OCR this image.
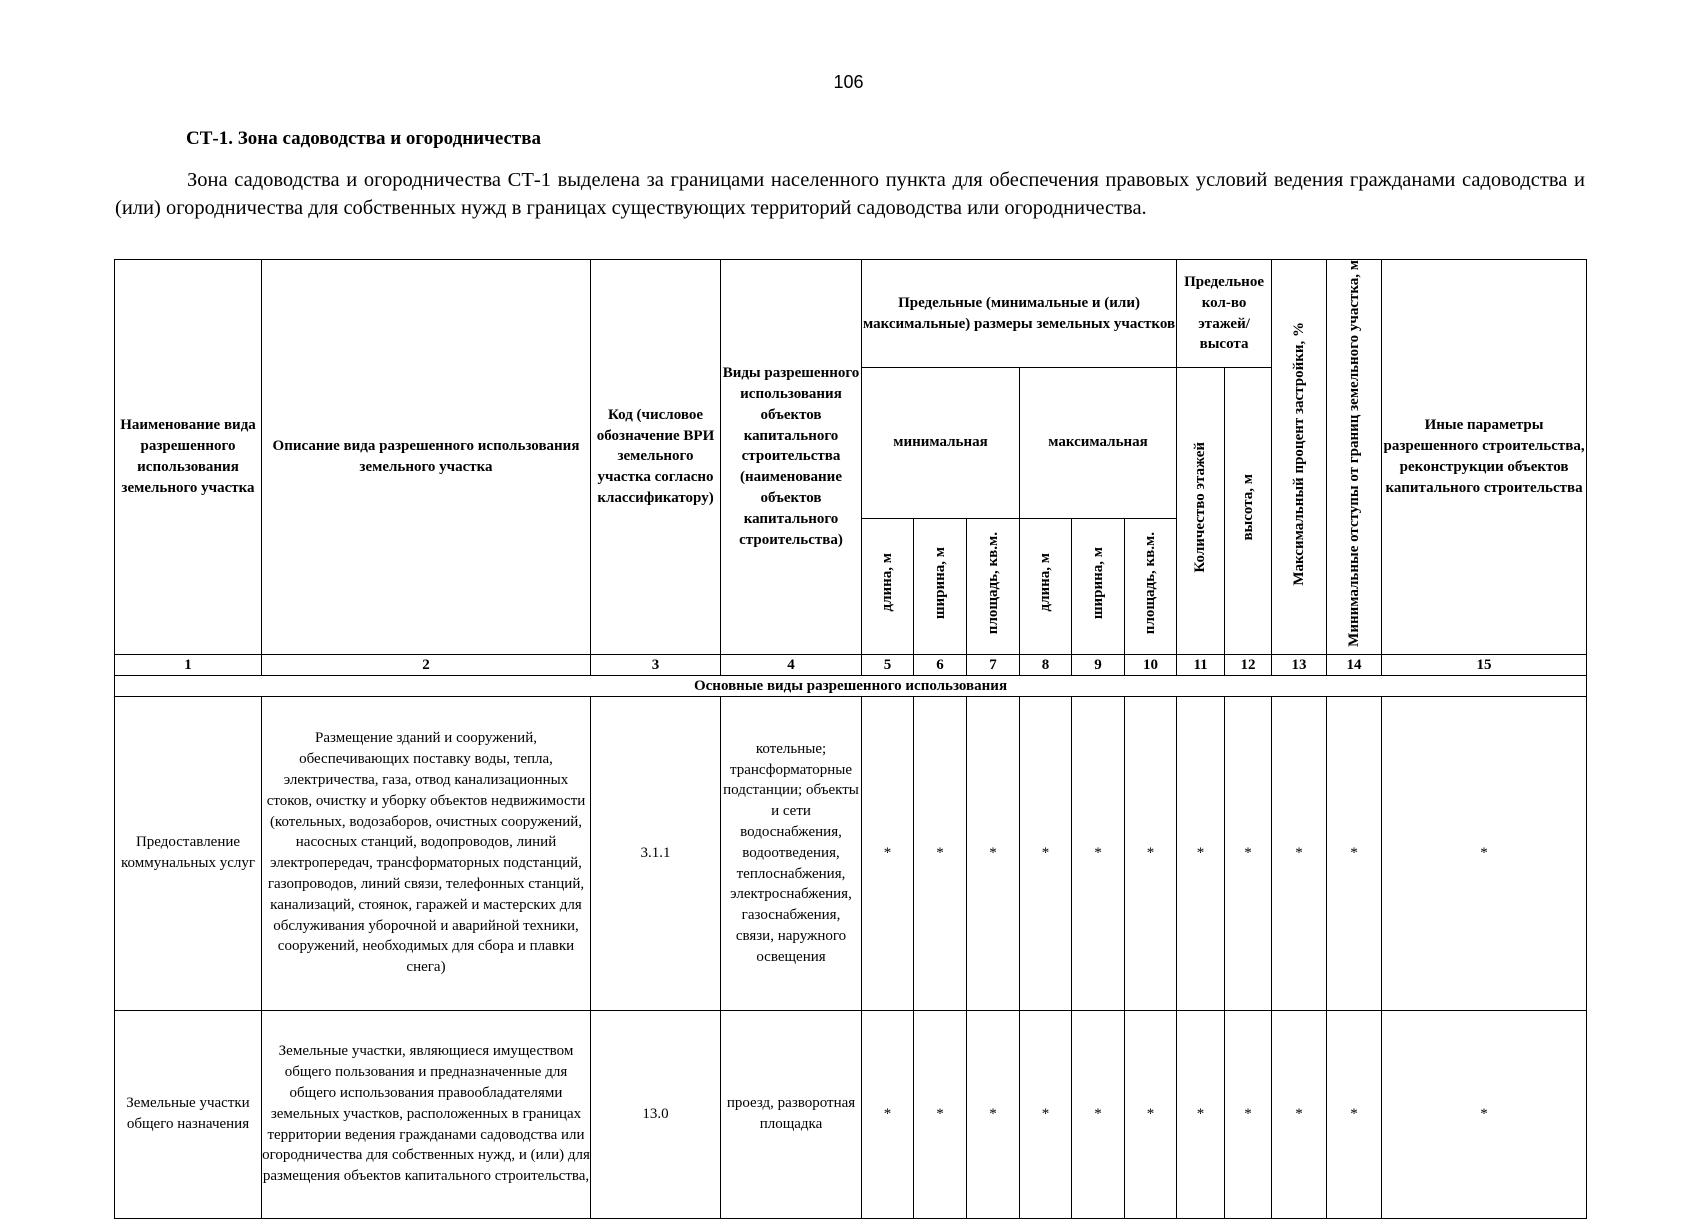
106
СТ-1. Зона садоводства и огородничества

Зона садоводства и огородничества СТ-1 выделена за границами населенного пункта для обеспечения правовых условий ведения гражданами садоводства и (или) огородничества для собственных нужд в границах существующих территорий садоводства или огородничества.

Наименование вида разрешенного использования земельного участка	Описание вида разрешенного использования земельного участка	Код (числовое обозначение ВРИ земельного участка согласно классификатору)	Виды разрешенного использования объектов капитального строительства (наименование объектов капитального строительства)	Предельные (минимальные и (или) максимальные) размеры земельных участков						Предельное кол-во этажей/ высота		Максимальный процент застройки, %	Минимальные отступы от границ земельного участка, м	Иные параметры разрешенного строительства, реконструкции объектов капитального строительства
				минимальная			максимальная			Количество этажей	высота, м			
				длина, м	ширина, м	площадь, кв.м.	длина, м	ширина, м	площадь, кв.м.					
1	2	3	4	5	6	7	8	9	10	11	12	13	14	15
Основные виды разрешенного использования														
Предоставление коммунальных услуг	Размещение зданий и сооружений, обеспечивающих поставку воды, тепла, электричества, газа, отвод канализационных стоков, очистку и уборку объектов недвижимости (котельных, водозаборов, очистных сооружений, насосных станций, водопроводов, линий электропередач, трансформаторных подстанций, газопроводов, линий связи, телефонных станций, канализаций, стоянок, гаражей и мастерских для обслуживания уборочной и аварийной техники, сооружений, необходимых для сбора и плавки снега)	3.1.1	котельные; трансформаторные подстанции; объекты и сети водоснабжения, водоотведения, теплоснабжения, электроснабжения, газоснабжения, связи, наружного освещения	*	*	*	*	*	*	*	*	*	*	*
Земельные участки общего назначения	Земельные участки, являющиеся имуществом общего пользования и предназначенные для общего использования правообладателями земельных участков, расположенных в границах территории ведения гражданами садоводства или огородничества для собственных нужд, и (или) для размещения объектов капитального строительства,	13.0	проезд, разворотная площадка	*	*	*	*	*	*	*	*	*	*	*
